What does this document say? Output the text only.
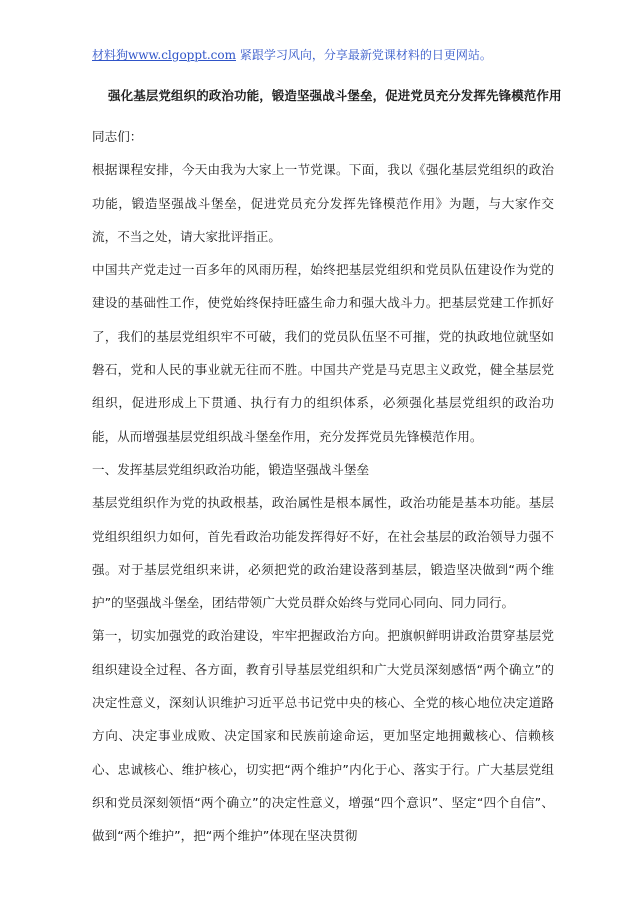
材料狗www.clgoppt.com 紧跟学习风向，分享最新党课材料的日更网站。
强化基层党组织的政治功能，锻造坚强战斗堡垒，促进党员充分发挥先锋模范作用

同志们：

根据课程安排，今天由我为大家上一节党课。下面，我以《强化基层党组织的政治功能，锻造坚强战斗堡垒，促进党员充分发挥先锋模范作用》为题，与大家作交流，不当之处，请大家批评指正。

中国共产党走过一百多年的风雨历程，始终把基层党组织和党员队伍建设作为党的建设的基础性工作，使党始终保持旺盛生命力和强大战斗力。把基层党建工作抓好了，我们的基层党组织牢不可破，我们的党员队伍坚不可摧，党的执政地位就坚如磐石，党和人民的事业就无往而不胜。中国共产党是马克思主义政党，健全基层党组织，促进形成上下贯通、执行有力的组织体系，必须强化基层党组织的政治功能，从而增强基层党组织战斗堡垒作用，充分发挥党员先锋模范作用。

一、发挥基层党组织政治功能，锻造坚强战斗堡垒

基层党组织作为党的执政根基，政治属性是根本属性，政治功能是基本功能。基层党组织组织力如何，首先看政治功能发挥得好不好，在社会基层的政治领导力强不强。对于基层党组织来讲，必须把党的政治建设落到基层，锻造坚决做到“两个维护”的坚强战斗堡垒，团结带领广大党员群众始终与党同心同向、同力同行。

第一，切实加强党的政治建设，牢牢把握政治方向。把旗帜鲜明讲政治贯穿基层党组织建设全过程、各方面，教育引导基层党组织和广大党员深刻感悟“两个确立”的决定性意义，深刻认识维护习近平总书记党中央的核心、全党的核心地位决定道路方向、决定事业成败、决定国家和民族前途命运，更加坚定地拥戴核心、信赖核心、忠诚核心、维护核心，切实把“两个维护”内化于心、落实于行。广大基层党组织和党员深刻领悟“两个确立”的决定性意义，增强“四个意识”、坚定“四个自信”、做到“两个维护”，把“两个维护”体现在坚决贯彻
